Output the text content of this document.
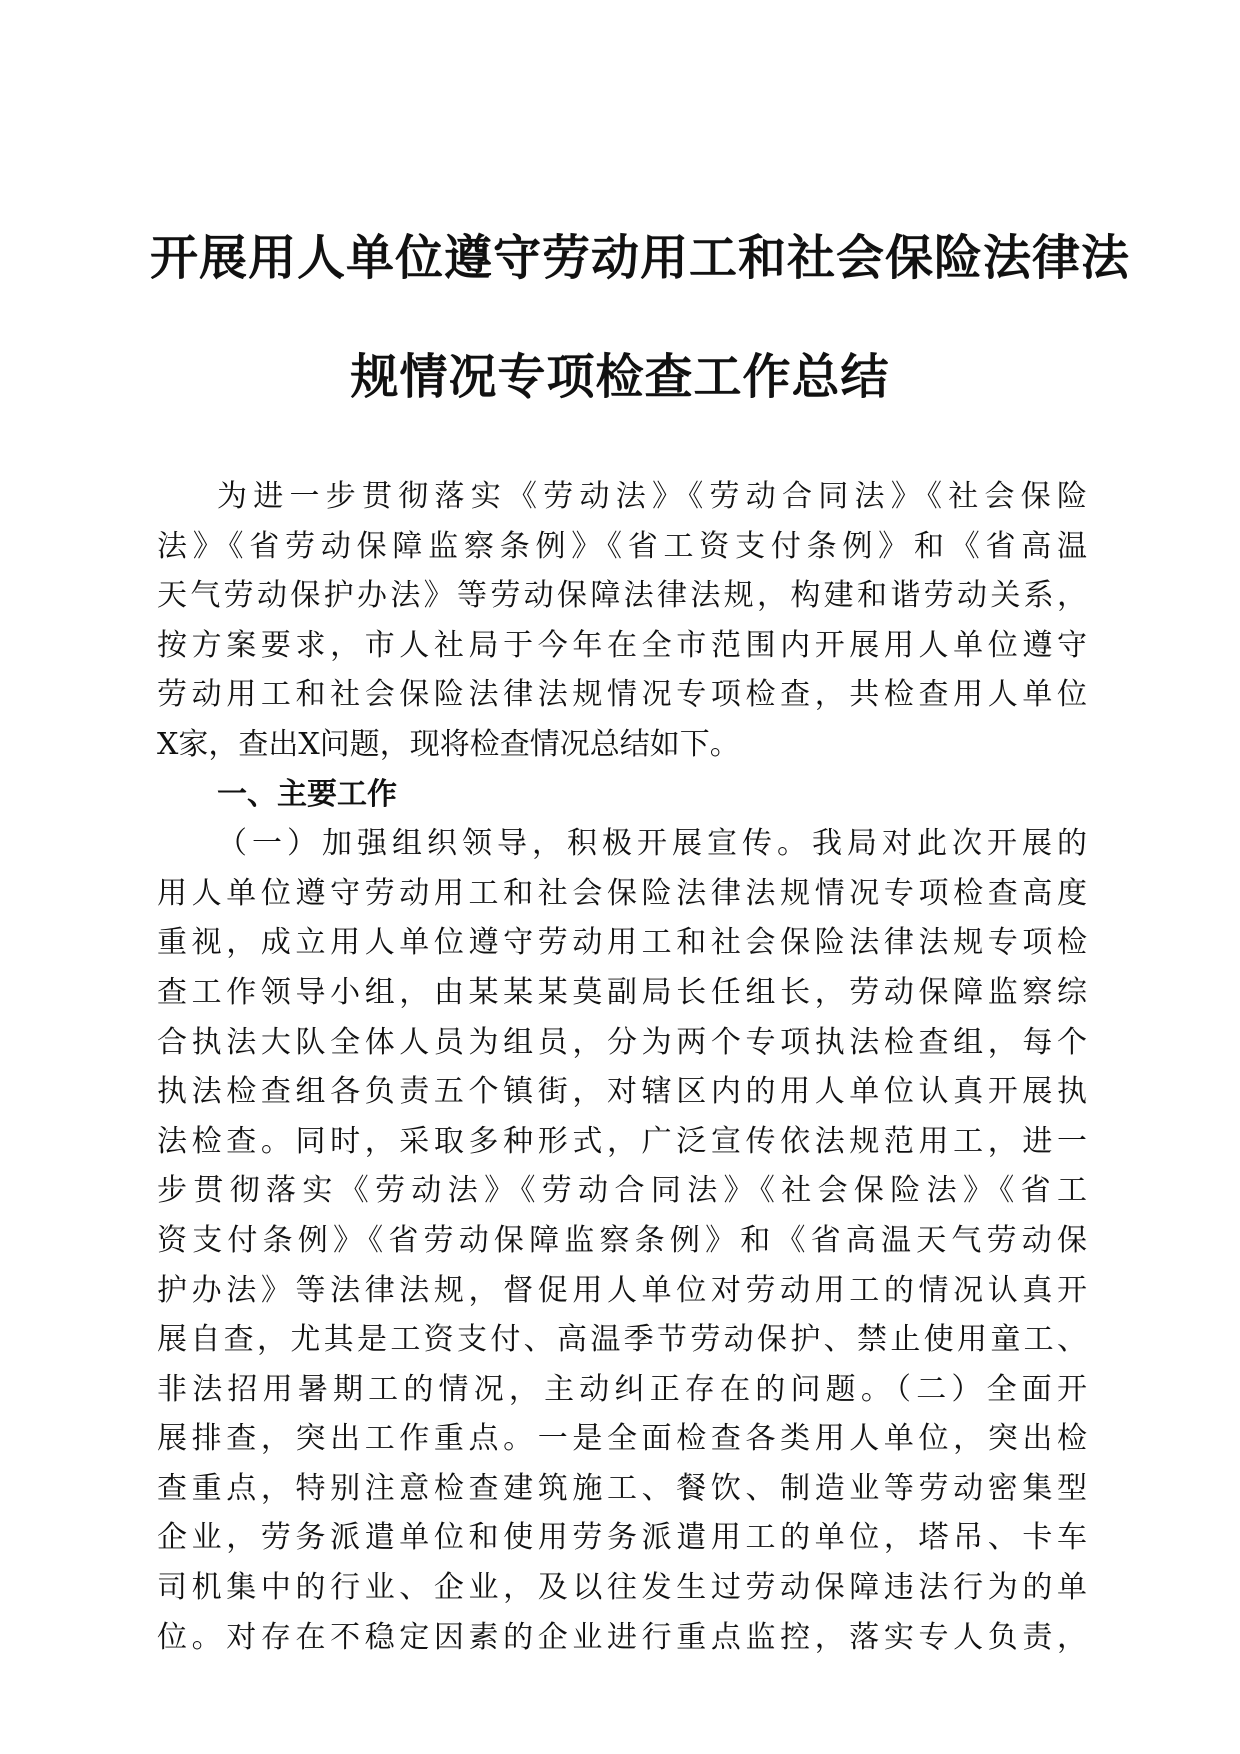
开展用人单位遵守劳动用工和社会保险法律法
规情况专项检查工作总结
为进一步贯彻落实《劳动法》《劳动合同法》《社会保险
法》《省劳动保障监察条例》《省工资支付条例》和《省高温
天气劳动保护办法》等劳动保障法律法规，构建和谐劳动关系，
按方案要求，市人社局于今年在全市范围内开展用人单位遵守
劳动用工和社会保险法律法规情况专项检查，共检查用人单位
X家，查出X问题，现将检查情况总结如下。
一、主要工作
（一）加强组织领导，积极开展宣传。我局对此次开展的
用人单位遵守劳动用工和社会保险法律法规情况专项检查高度
重视，成立用人单位遵守劳动用工和社会保险法律法规专项检
查工作领导小组，由某某某莫副局长任组长，劳动保障监察综
合执法大队全体人员为组员，分为两个专项执法检查组，每个
执法检查组各负责五个镇街，对辖区内的用人单位认真开展执
法检查。同时，采取多种形式，广泛宣传依法规范用工，进一
步贯彻落实《劳动法》《劳动合同法》《社会保险法》《省工
资支付条例》《省劳动保障监察条例》和《省高温天气劳动保
护办法》等法律法规，督促用人单位对劳动用工的情况认真开
展自查，尤其是工资支付、高温季节劳动保护、禁止使用童工、
非法招用暑期工的情况，主动纠正存在的问题。（二）全面开
展排查，突出工作重点。一是全面检查各类用人单位，突出检
查重点，特别注意检查建筑施工、餐饮、制造业等劳动密集型
企业，劳务派遣单位和使用劳务派遣用工的单位，塔吊、卡车
司机集中的行业、企业，及以往发生过劳动保障违法行为的单
位。对存在不稳定因素的企业进行重点监控，落实专人负责，
